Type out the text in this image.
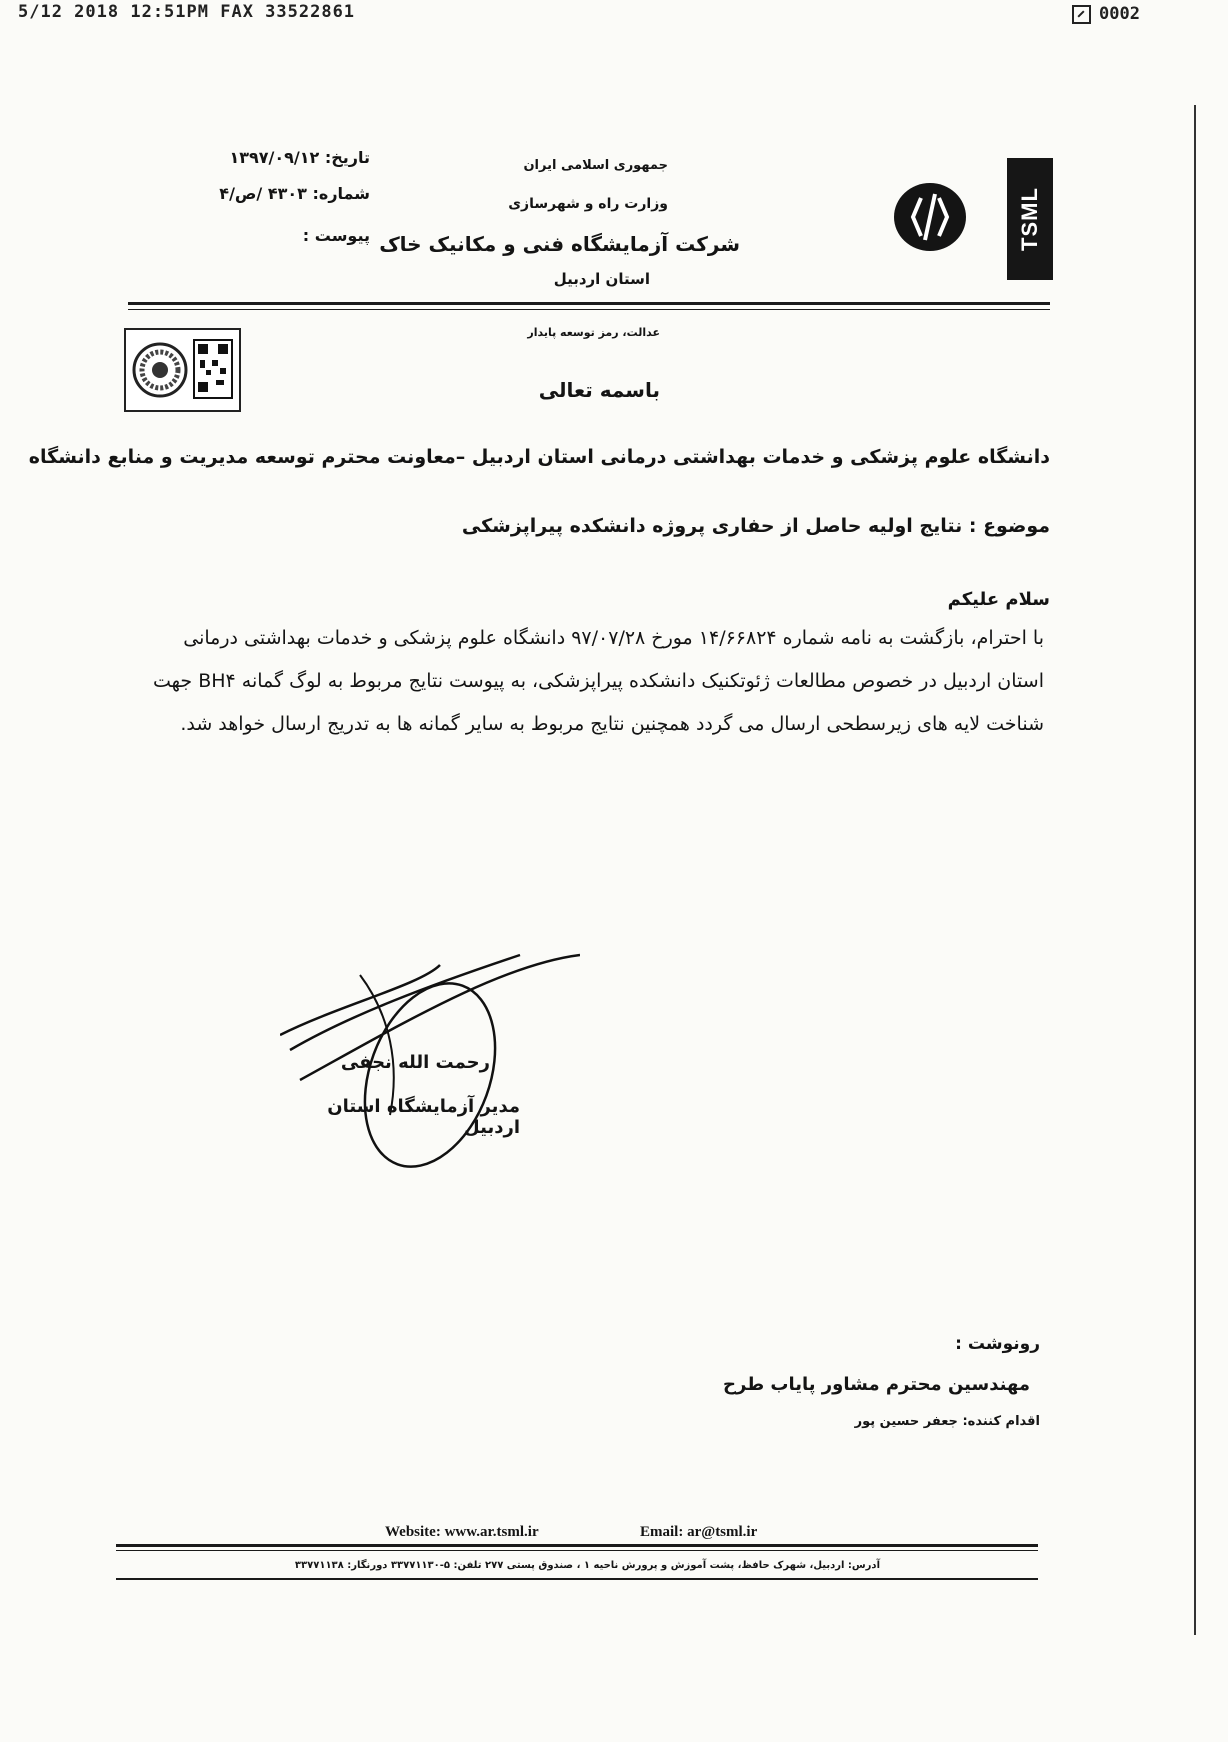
5/12 2018 12:51PM FAX 33522861	0002
TSML
جمهوری اسلامی ایران
وزارت راه و شهرسازی
شرکت آزمایشگاه فنی و مکانیک خاک
استان اردبیل
تاریخ: ۱۳۹۷/۰۹/۱۲
شماره: ۴۳۰۳ /ص/۴
پیوست :
عدالت، رمز توسعه پایدار
باسمه تعالی
دانشگاه علوم پزشکی و خدمات بهداشتی درمانی استان اردبیل –معاونت محترم توسعه مدیریت و منابع دانشگاه
موضوع : نتایج اولیه حاصل از حفاری پروژه دانشکده پیراپزشکی
سلام علیکم
با احترام، بازگشت به نامه شماره ۱۴/۶۶۸۲۴ مورخ ۹۷/۰۷/۲۸ دانشگاه علوم پزشکی و خدمات بهداشتی درمانی
استان اردبیل در خصوص مطالعات ژئوتکنیک دانشکده پیراپزشکی، به پیوست نتایج مربوط به لوگ گمانه BH۴ جهت
شناخت لایه های زیرسطحی ارسال می گردد همچنین نتایج مربوط به سایر گمانه ها به تدریج ارسال خواهد شد.
رحمت الله نجفی
مدیر آزمایشگاه استان اردبیل
رونوشت :
مهندسین محترم مشاور پایاب طرح
اقدام کننده: جعفر حسین پور
Website: www.ar.tsml.ir	Email: ar@tsml.ir
آدرس: اردبیل، شهرک حافظ، پشت آموزش و پرورش ناحیه ۱ ، صندوق پستی ۲۷۷ تلفن: ۵-۳۳۷۷۱۱۳۰ دورنگار: ۳۳۷۷۱۱۳۸
